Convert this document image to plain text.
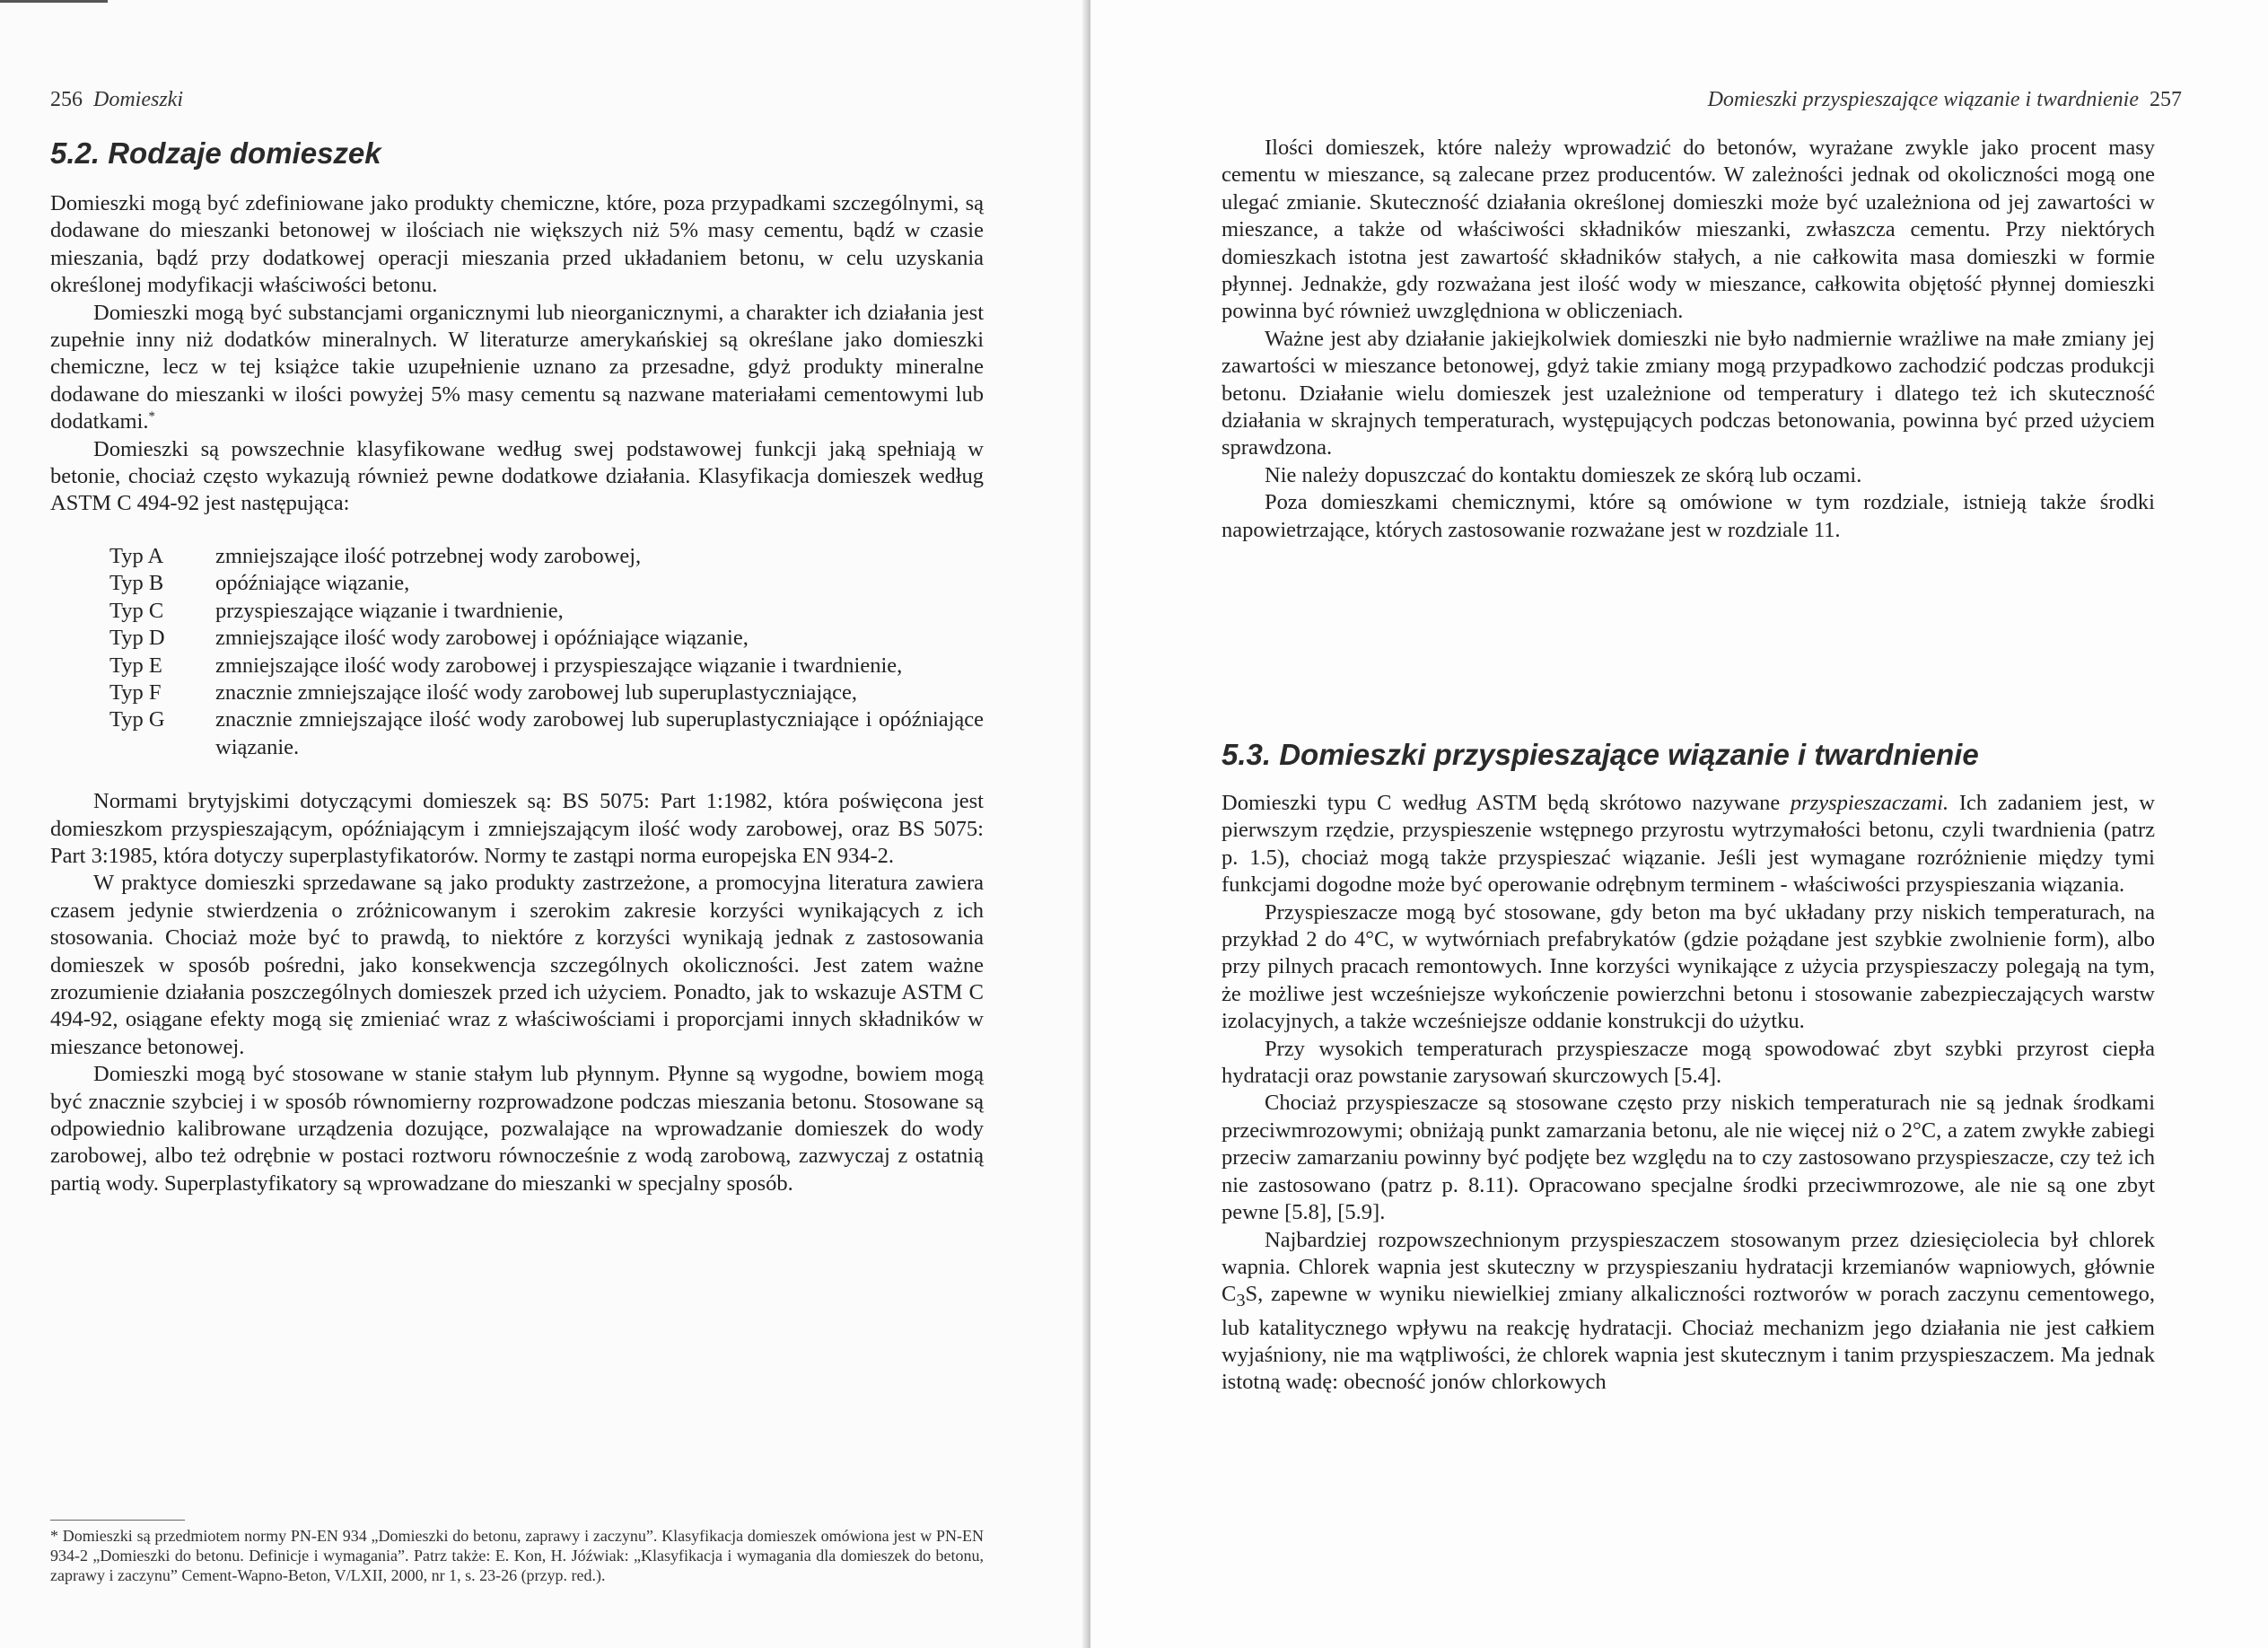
256 Domieszki
5.2. Rodzaje domieszek

Domieszki mogą być zdefiniowane jako produkty chemiczne, które, poza przypadkami szczególnymi, są dodawane do mieszanki betonowej w ilościach nie większych niż 5% masy cementu, bądź w czasie mieszania, bądź przy dodatkowej operacji mieszania przed układaniem betonu, w celu uzyskania określonej modyfikacji właściwości betonu.

Domieszki mogą być substancjami organicznymi lub nieorganicznymi, a charakter ich działania jest zupełnie inny niż dodatków mineralnych. W literaturze amerykańskiej są określane jako domieszki chemiczne, lecz w tej książce takie uzupełnienie uznano za przesadne, gdyż produkty mineralne dodawane do mieszanki w ilości powyżej 5% masy cementu są nazwane materiałami cementowymi lub dodatkami.*

Domieszki są powszechnie klasyfikowane według swej podstawowej funkcji jaką spełniają w betonie, chociaż często wykazują również pewne dodatkowe działania. Klasyfikacja domieszek według ASTM C 494-92 jest następująca:

Typ A	zmniejszające ilość potrzebnej wody zarobowej,
Typ B	opóźniające wiązanie,
Typ C	przyspieszające wiązanie i twardnienie,
Typ D	zmniejszające ilość wody zarobowej i opóźniające wiązanie,
Typ E	zmniejszające ilość wody zarobowej i przyspieszające wiązanie i twardnienie,
Typ F	znacznie zmniejszające ilość wody zarobowej lub superuplastyczniające,
Typ G	znacznie zmniejszające ilość wody zarobowej lub superuplastyczniające i opóźniające wiązanie.

Normami brytyjskimi dotyczącymi domieszek są: BS 5075: Part 1:1982, która poświęcona jest domieszkom przyspieszającym, opóźniającym i zmniejszającym ilość wody zarobowej, oraz BS 5075: Part 3:1985, która dotyczy superplastyfikatorów. Normy te zastąpi norma europejska EN 934-2.

W praktyce domieszki sprzedawane są jako produkty zastrzeżone, a promocyjna literatura zawiera czasem jedynie stwierdzenia o zróżnicowanym i szerokim zakresie korzyści wynikających z ich stosowania. Chociaż może być to prawdą, to niektóre z korzyści wynikają jednak z zastosowania domieszek w sposób pośredni, jako konsekwencja szczególnych okoliczności. Jest zatem ważne zrozumienie działania poszczególnych domieszek przed ich użyciem. Ponadto, jak to wskazuje ASTM C 494-92, osiągane efekty mogą się zmieniać wraz z właściwościami i proporcjami innych składników w mieszance betonowej.

Domieszki mogą być stosowane w stanie stałym lub płynnym. Płynne są wygodne, bowiem mogą być znacznie szybciej i w sposób równomierny rozprowadzone podczas mieszania betonu. Stosowane są odpowiednio kalibrowane urządzenia dozujące, pozwalające na wprowadzanie domieszek do wody zarobowej, albo też odrębnie w postaci roztworu równocześnie z wodą zarobową, zazwyczaj z ostatnią partią wody. Superplastyfikatory są wprowadzane do mieszanki w specjalny sposób.

* Domieszki są przedmiotem normy PN-EN 934 „Domieszki do betonu, zaprawy i zaczynu”. Klasyfikacja domieszek omówiona jest w PN-EN 934-2 „Domieszki do betonu. Definicje i wymagania”. Patrz także: E. Kon, H. Jóźwiak: „Klasyfikacja i wymagania dla domieszek do betonu, zaprawy i zaczynu” Cement-Wapno-Beton, V/LXII, 2000, nr 1, s. 23-26 (przyp. red.).
Domieszki przyspieszające wiązanie i twardnienie 257

Ilości domieszek, które należy wprowadzić do betonów, wyrażane zwykle jako procent masy cementu w mieszance, są zalecane przez producentów. W zależności jednak od okoliczności mogą one ulegać zmianie. Skuteczność działania określonej domieszki może być uzależniona od jej zawartości w mieszance, a także od właściwości składników mieszanki, zwłaszcza cementu. Przy niektórych domieszkach istotna jest zawartość składników stałych, a nie całkowita masa domieszki w formie płynnej. Jednakże, gdy rozważana jest ilość wody w mieszance, całkowita objętość płynnej domieszki powinna być również uwzględniona w obliczeniach.

Ważne jest aby działanie jakiejkolwiek domieszki nie było nadmiernie wrażliwe na małe zmiany jej zawartości w mieszance betonowej, gdyż takie zmiany mogą przypadkowo zachodzić podczas produkcji betonu. Działanie wielu domieszek jest uzależnione od temperatury i dlatego też ich skuteczność działania w skrajnych temperaturach, występujących podczas betonowania, powinna być przed użyciem sprawdzona.

Nie należy dopuszczać do kontaktu domieszek ze skórą lub oczami.

Poza domieszkami chemicznymi, które są omówione w tym rozdziale, istnieją także środki napowietrzające, których zastosowanie rozważane jest w rozdziale 11.

5.3. Domieszki przyspieszające wiązanie i twardnienie

Domieszki typu C według ASTM będą skrótowo nazywane przyspieszaczami. Ich zadaniem jest, w pierwszym rzędzie, przyspieszenie wstępnego przyrostu wytrzymałości betonu, czyli twardnienia (patrz p. 1.5), chociaż mogą także przyspieszać wiązanie. Jeśli jest wymagane rozróżnienie między tymi funkcjami dogodne może być operowanie odrębnym terminem - właściwości przyspieszania wiązania.

Przyspieszacze mogą być stosowane, gdy beton ma być układany przy niskich temperaturach, na przykład 2 do 4°C, w wytwórniach prefabrykatów (gdzie pożądane jest szybkie zwolnienie form), albo przy pilnych pracach remontowych. Inne korzyści wynikające z użycia przyspieszaczy polegają na tym, że możliwe jest wcześniejsze wykończenie powierzchni betonu i stosowanie zabezpieczających warstw izolacyjnych, a także wcześniejsze oddanie konstrukcji do użytku.

Przy wysokich temperaturach przyspieszacze mogą spowodować zbyt szybki przyrost ciepła hydratacji oraz powstanie zarysowań skurczowych [5.4].

Chociaż przyspieszacze są stosowane często przy niskich temperaturach nie są jednak środkami przeciwmrozowymi; obniżają punkt zamarzania betonu, ale nie więcej niż o 2°C, a zatem zwykłe zabiegi przeciw zamarzaniu powinny być podjęte bez względu na to czy zastosowano przyspieszacze, czy też ich nie zastosowano (patrz p. 8.11). Opracowano specjalne środki przeciwmrozowe, ale nie są one zbyt pewne [5.8], [5.9].

Najbardziej rozpowszechnionym przyspieszaczem stosowanym przez dziesięciolecia był chlorek wapnia. Chlorek wapnia jest skuteczny w przyspieszaniu hydratacji krzemianów wapniowych, głównie $C_3S$, zapewne w wyniku niewielkiej zmiany alkaliczności roztworów w porach zaczynu cementowego, lub katalitycznego wpływu na reakcję hydratacji. Chociaż mechanizm jego działania nie jest całkiem wyjaśniony, nie ma wątpliwości, że chlorek wapnia jest skutecznym i tanim przyspieszaczem. Ma jednak istotną wadę: obecność jonów chlorkowych
